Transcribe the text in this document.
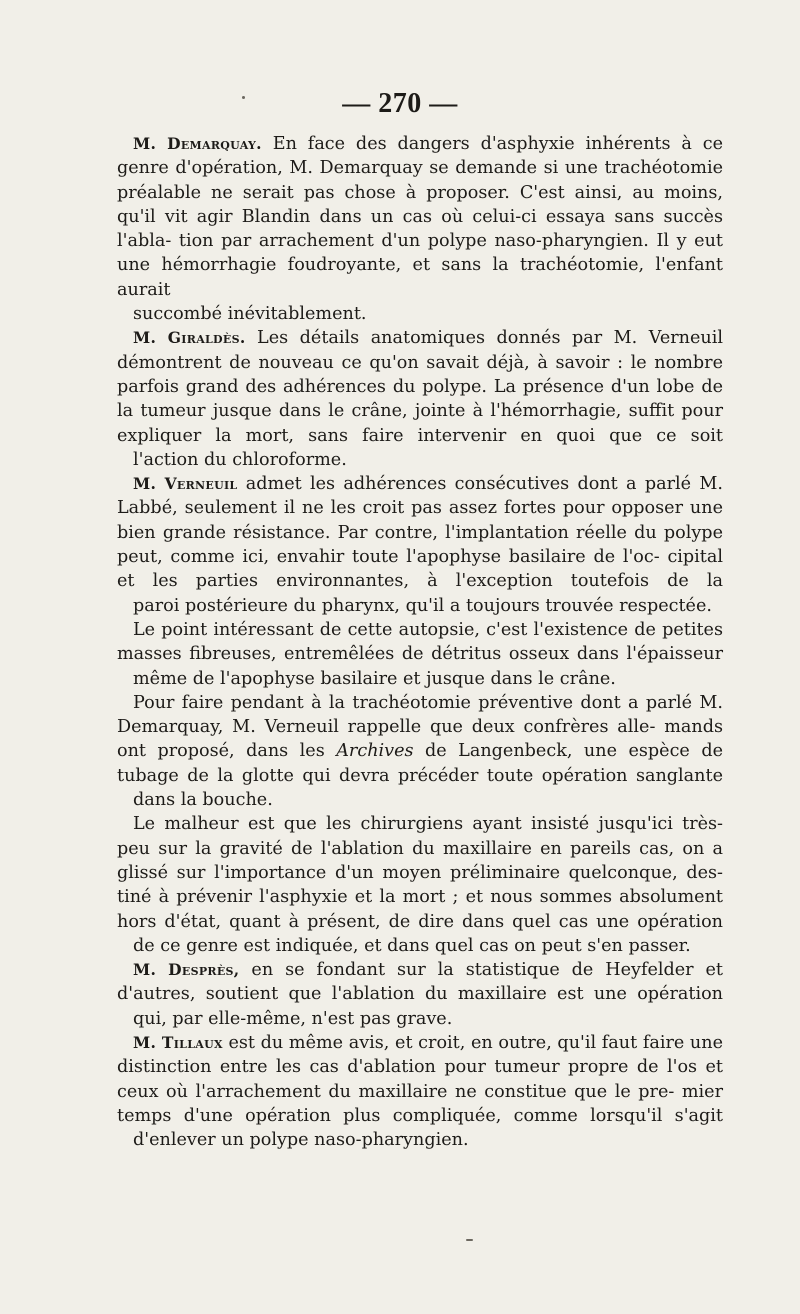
— 270 —

M. Demarquay. En face des dangers d'asphyxie inhérents à ce genre d'opération, M. Demarquay se demande si une trachéotomie préalable ne serait pas chose à proposer. C'est ainsi, au moins, qu'il vit agir Blandin dans un cas où celui-ci essaya sans succès l'abla- tion par arrachement d'un polype naso-pharyngien. Il y eut une hémorrhagie foudroyante, et sans la trachéotomie, l'enfant aurait
succombé inévitablement.

M. Giraldès. Les détails anatomiques donnés par M. Verneuil démontrent de nouveau ce qu'on savait déjà, à savoir : le nombre parfois grand des adhérences du polype. La présence d'un lobe de la tumeur jusque dans le crâne, jointe à l'hémorrhagie, suffit pour expliquer la mort, sans faire intervenir en quoi que ce soit
l'action du chloroforme.

M. Verneuil admet les adhérences consécutives dont a parlé M. Labbé, seulement il ne les croit pas assez fortes pour opposer une bien grande résistance. Par contre, l'implantation réelle du polype peut, comme ici, envahir toute l'apophyse basilaire de l'oc- cipital et les parties environnantes, à l'exception toutefois de la
paroi postérieure du pharynx, qu'il a toujours trouvée respectée.

Le point intéressant de cette autopsie, c'est l'existence de petites masses fibreuses, entremêlées de détritus osseux dans l'épaisseur
même de l'apophyse basilaire et jusque dans le crâne.

Pour faire pendant à la trachéotomie préventive dont a parlé M. Demarquay, M. Verneuil rappelle que deux confrères alle- mands ont proposé, dans les Archives de Langenbeck, une espèce de tubage de la glotte qui devra précéder toute opération sanglante
dans la bouche.

Le malheur est que les chirurgiens ayant insisté jusqu'ici très- peu sur la gravité de l'ablation du maxillaire en pareils cas, on a glissé sur l'importance d'un moyen préliminaire quelconque, des- tiné à prévenir l'asphyxie et la mort ; et nous sommes absolument hors d'état, quant à présent, de dire dans quel cas une opération
de ce genre est indiquée, et dans quel cas on peut s'en passer.

M. Desprès, en se fondant sur la statistique de Heyfelder et d'autres, soutient que l'ablation du maxillaire est une opération
qui, par elle-même, n'est pas grave.

M. Tillaux est du même avis, et croit, en outre, qu'il faut faire une distinction entre les cas d'ablation pour tumeur propre de l'os et ceux où l'arrachement du maxillaire ne constitue que le pre- mier temps d'une opération plus compliquée, comme lorsqu'il s'agit
d'enlever un polype naso-pharyngien.
